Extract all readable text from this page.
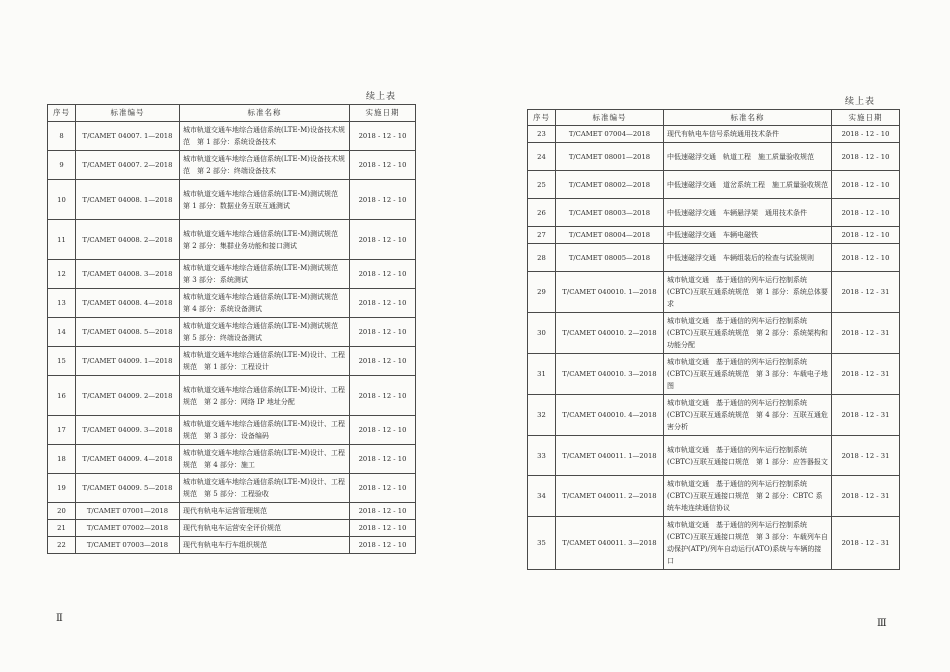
续上表
序号	标准编号	标准名称	实施日期
8	T/CAMET 04007. 1—2018	城市轨道交通车地综合通信系统(LTE-M)设备技术规范　第 1 部分：系统设备技术	2018 - 12 - 10
9	T/CAMET 04007. 2—2018	城市轨道交通车地综合通信系统(LTE-M)设备技术规范　第 2 部分：终端设备技术	2018 - 12 - 10
10	T/CAMET 04008. 1—2018	城市轨道交通车地综合通信系统(LTE-M)测试规范　第 1 部分：数据业务互联互通测试	2018 - 12 - 10
11	T/CAMET 04008. 2—2018	城市轨道交通车地综合通信系统(LTE-M)测试规范　第 2 部分：集群业务功能和接口测试	2018 - 12 - 10
12	T/CAMET 04008. 3—2018	城市轨道交通车地综合通信系统(LTE-M)测试规范　第 3 部分：系统测试	2018 - 12 - 10
13	T/CAMET 04008. 4—2018	城市轨道交通车地综合通信系统(LTE-M)测试规范　第 4 部分：系统设备测试	2018 - 12 - 10
14	T/CAMET 04008. 5—2018	城市轨道交通车地综合通信系统(LTE-M)测试规范　第 5 部分：终端设备测试	2018 - 12 - 10
15	T/CAMET 04009. 1—2018	城市轨道交通车地综合通信系统(LTE-M)设计、工程规范　第 1 部分：工程设计	2018 - 12 - 10
16	T/CAMET 04009. 2—2018	城市轨道交通车地综合通信系统(LTE-M)设计、工程规范　第 2 部分：网络 IP 地址分配	2018 - 12 - 10
17	T/CAMET 04009. 3—2018	城市轨道交通车地综合通信系统(LTE-M)设计、工程规范　第 3 部分：设备编码	2018 - 12 - 10
18	T/CAMET 04009. 4—2018	城市轨道交通车地综合通信系统(LTE-M)设计、工程规范　第 4 部分：施工	2018 - 12 - 10
19	T/CAMET 04009. 5—2018	城市轨道交通车地综合通信系统(LTE-M)设计、工程规范　第 5 部分：工程验收	2018 - 12 - 10
20	T/CAMET 07001—2018	现代有轨电车运营管理规范	2018 - 12 - 10
21	T/CAMET 07002—2018	现代有轨电车运营安全评价规范	2018 - 12 - 10
22	T/CAMET 07003—2018	现代有轨电车行车组织规范	2018 - 12 - 10
Ⅱ
续上表
序号	标准编号	标准名称	实施日期
23	T/CAMET 07004—2018	现代有轨电车信号系统通用技术条件	2018 - 12 - 10
24	T/CAMET 08001—2018	中低速磁浮交通　轨道工程　施工质量验收规范	2018 - 12 - 10
25	T/CAMET 08002—2018	中低速磁浮交通　道岔系统工程　施工质量验收规范	2018 - 12 - 10
26	T/CAMET 08003—2018	中低速磁浮交通　车辆悬浮架　通用技术条件	2018 - 12 - 10
27	T/CAMET 08004—2018	中低速磁浮交通　车辆电磁铁	2018 - 12 - 10
28	T/CAMET 08005—2018	中低速磁浮交通　车辆组装后的检查与试验规则	2018 - 12 - 10
29	T/CAMET 040010. 1—2018	城市轨道交通　基于通信的列车运行控制系统(CBTC)互联互通系统规范　第 1 部分：系统总体要求	2018 - 12 - 31
30	T/CAMET 040010. 2—2018	城市轨道交通　基于通信的列车运行控制系统(CBTC)互联互通系统规范　第 2 部分：系统架构和功能分配	2018 - 12 - 31
31	T/CAMET 040010. 3—2018	城市轨道交通　基于通信的列车运行控制系统(CBTC)互联互通系统规范　第 3 部分：车载电子地图	2018 - 12 - 31
32	T/CAMET 040010. 4—2018	城市轨道交通　基于通信的列车运行控制系统(CBTC)互联互通系统规范　第 4 部分：互联互通危害分析	2018 - 12 - 31
33	T/CAMET 040011. 1—2018	城市轨道交通　基于通信的列车运行控制系统(CBTC)互联互通接口规范　第 1 部分：应答器报文	2018 - 12 - 31
34	T/CAMET 040011. 2—2018	城市轨道交通　基于通信的列车运行控制系统(CBTC)互联互通接口规范　第 2 部分：CBTC 系统车地连续通信协议	2018 - 12 - 31
35	T/CAMET 040011. 3—2018	城市轨道交通　基于通信的列车运行控制系统(CBTC)互联互通接口规范　第 3 部分：车载列车自动保护(ATP)/列车自动运行(ATO)系统与车辆的接口	2018 - 12 - 31
Ⅲ
